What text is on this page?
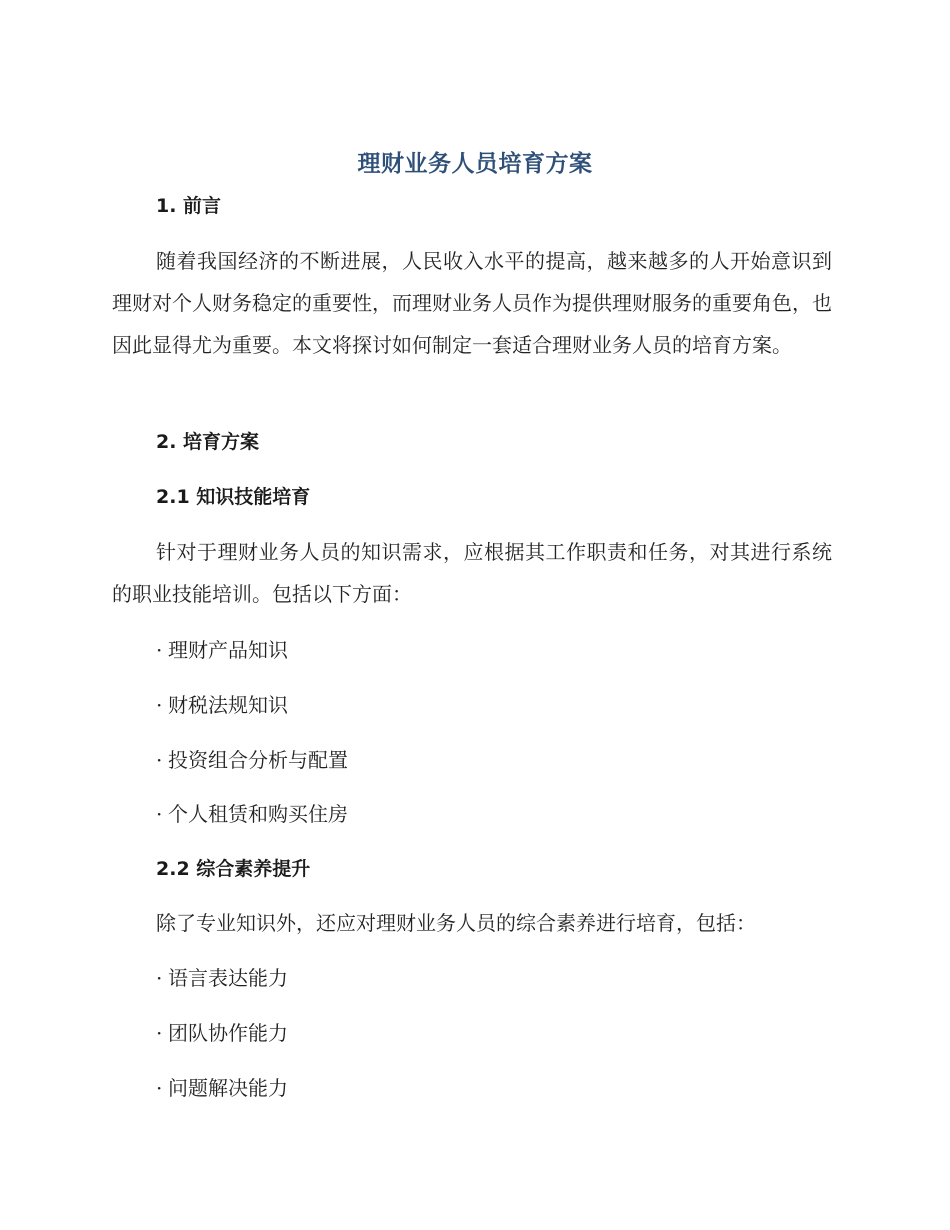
理财业务人员培育方案
1. 前言
随着我国经济的不断进展，人民收入水平的提高，越来越多的人开始意识到理财对个人财务稳定的重要性，而理财业务人员作为提供理财服务的重要角色，也因此显得尤为重要。本文将探讨如何制定一套适合理财业务人员的培育方案。
2. 培育方案
2.1 知识技能培育
针对于理财业务人员的知识需求，应根据其工作职责和任务，对其进行系统的职业技能培训。包括以下方面：
· 理财产品知识
· 财税法规知识
· 投资组合分析与配置
· 个人租赁和购买住房
2.2 综合素养提升
除了专业知识外，还应对理财业务人员的综合素养进行培育，包括：
· 语言表达能力
· 团队协作能力
· 问题解决能力
